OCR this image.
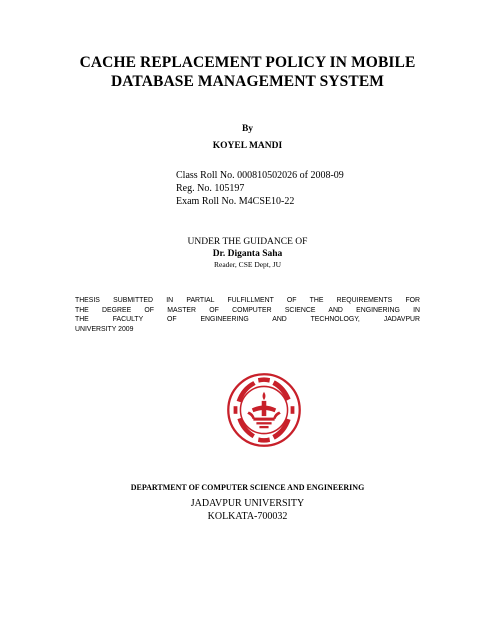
CACHE REPLACEMENT POLICY IN MOBILE
DATABASE MANAGEMENT SYSTEM
By
KOYEL MANDI
Class Roll No. 000810502026 of 2008-09
Reg. No. 105197
Exam Roll No. M4CSE10-22
UNDER THE GUIDANCE OF
Dr. Diganta Saha
Reader, CSE Dept, JU
THESIS SUBMITTED IN PARTIAL FULFILLMENT OF THE REQUIREMENTS FOR
THE DEGREE OF MASTER OF COMPUTER SCIENCE AND ENGINERING IN
THE FACULTY OF ENGINEERING AND TECHNOLOGY, JADAVPUR
UNIVERSITY 2009
DEPARTMENT OF COMPUTER SCIENCE AND ENGINEERING
JADAVPUR UNIVERSITY
KOLKATA-700032
